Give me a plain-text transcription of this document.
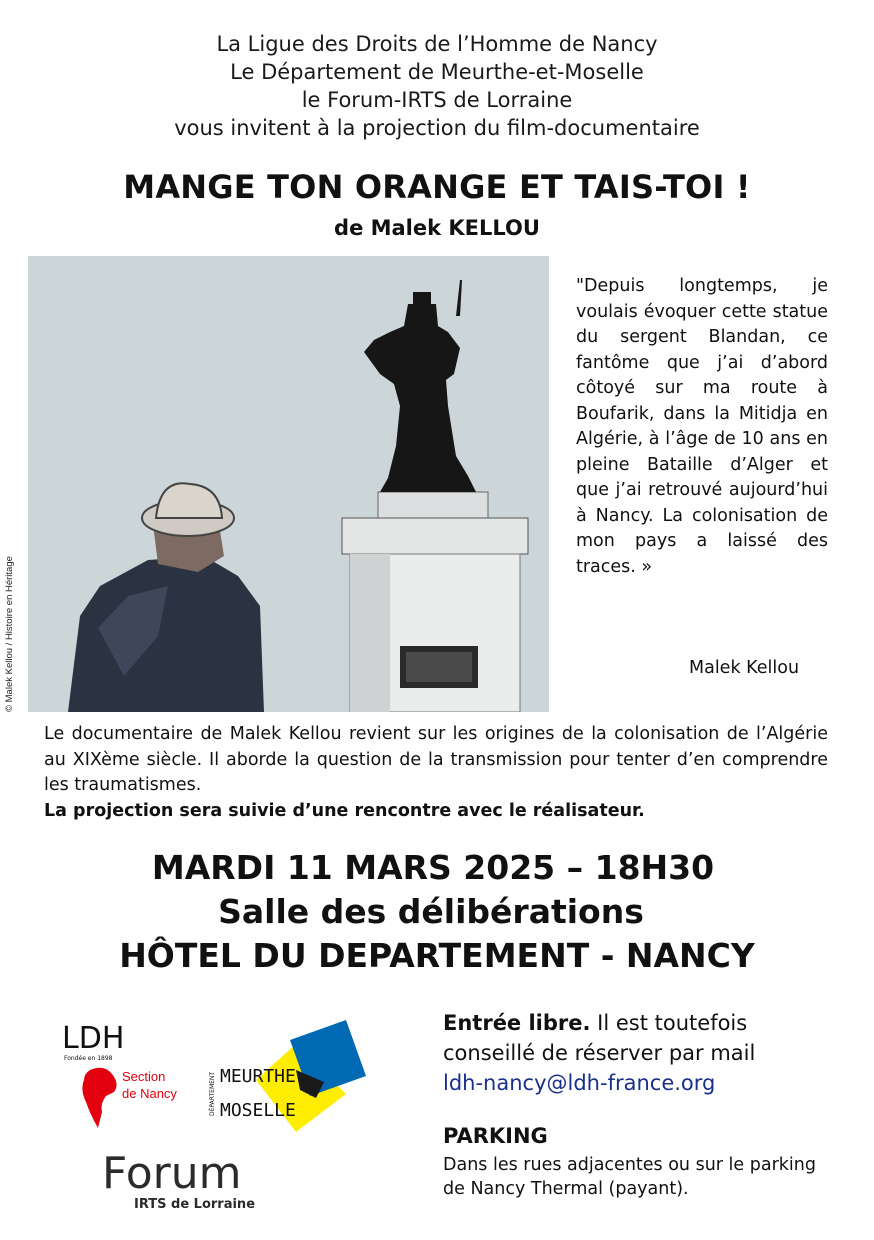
La Ligue des Droits de l’Homme de Nancy
Le Département de Meurthe-et-Moselle
le Forum-IRTS de Lorraine
vous invitent à la projection du film-documentaire
MANGE TON ORANGE ET TAIS-TOI !
de Malek KELLOU
© Malek Kellou / Histoire en Héritage
"Depuis longtemps, je voulais évoquer cette statue du sergent Blandan, ce fantôme que j’ai d’abord côtoyé sur ma route à Boufarik, dans la Mitidja en Algérie, à l’âge de 10 ans en pleine Bataille d’Alger et que j’ai retrouvé aujourd’hui à Nancy. La colonisation de mon pays a laissé des traces. »
Malek Kellou
Le documentaire de Malek Kellou revient sur les origines de la colonisation de l’Algérie au XIXème siècle. Il aborde la question de la transmission pour tenter d’en comprendre les traumatismes.
La projection sera suivie d’une rencontre avec le réalisateur.
MARDI 11 MARS 2025 – 18H30
Salle des délibérations
HÔTEL DU DEPARTEMENT - NANCY
Entrée libre. Il est toutefois conseillé de réserver par mail
ldh-nancy@ldh-france.org
PARKING
Dans les rues adjacentes ou sur le parking de Nancy Thermal (payant).
LDH
Fondée en 1898
Section
de Nancy	DÉPARTEMENT MEURTHE
MOSELLE
Forum
IRTS de Lorraine
